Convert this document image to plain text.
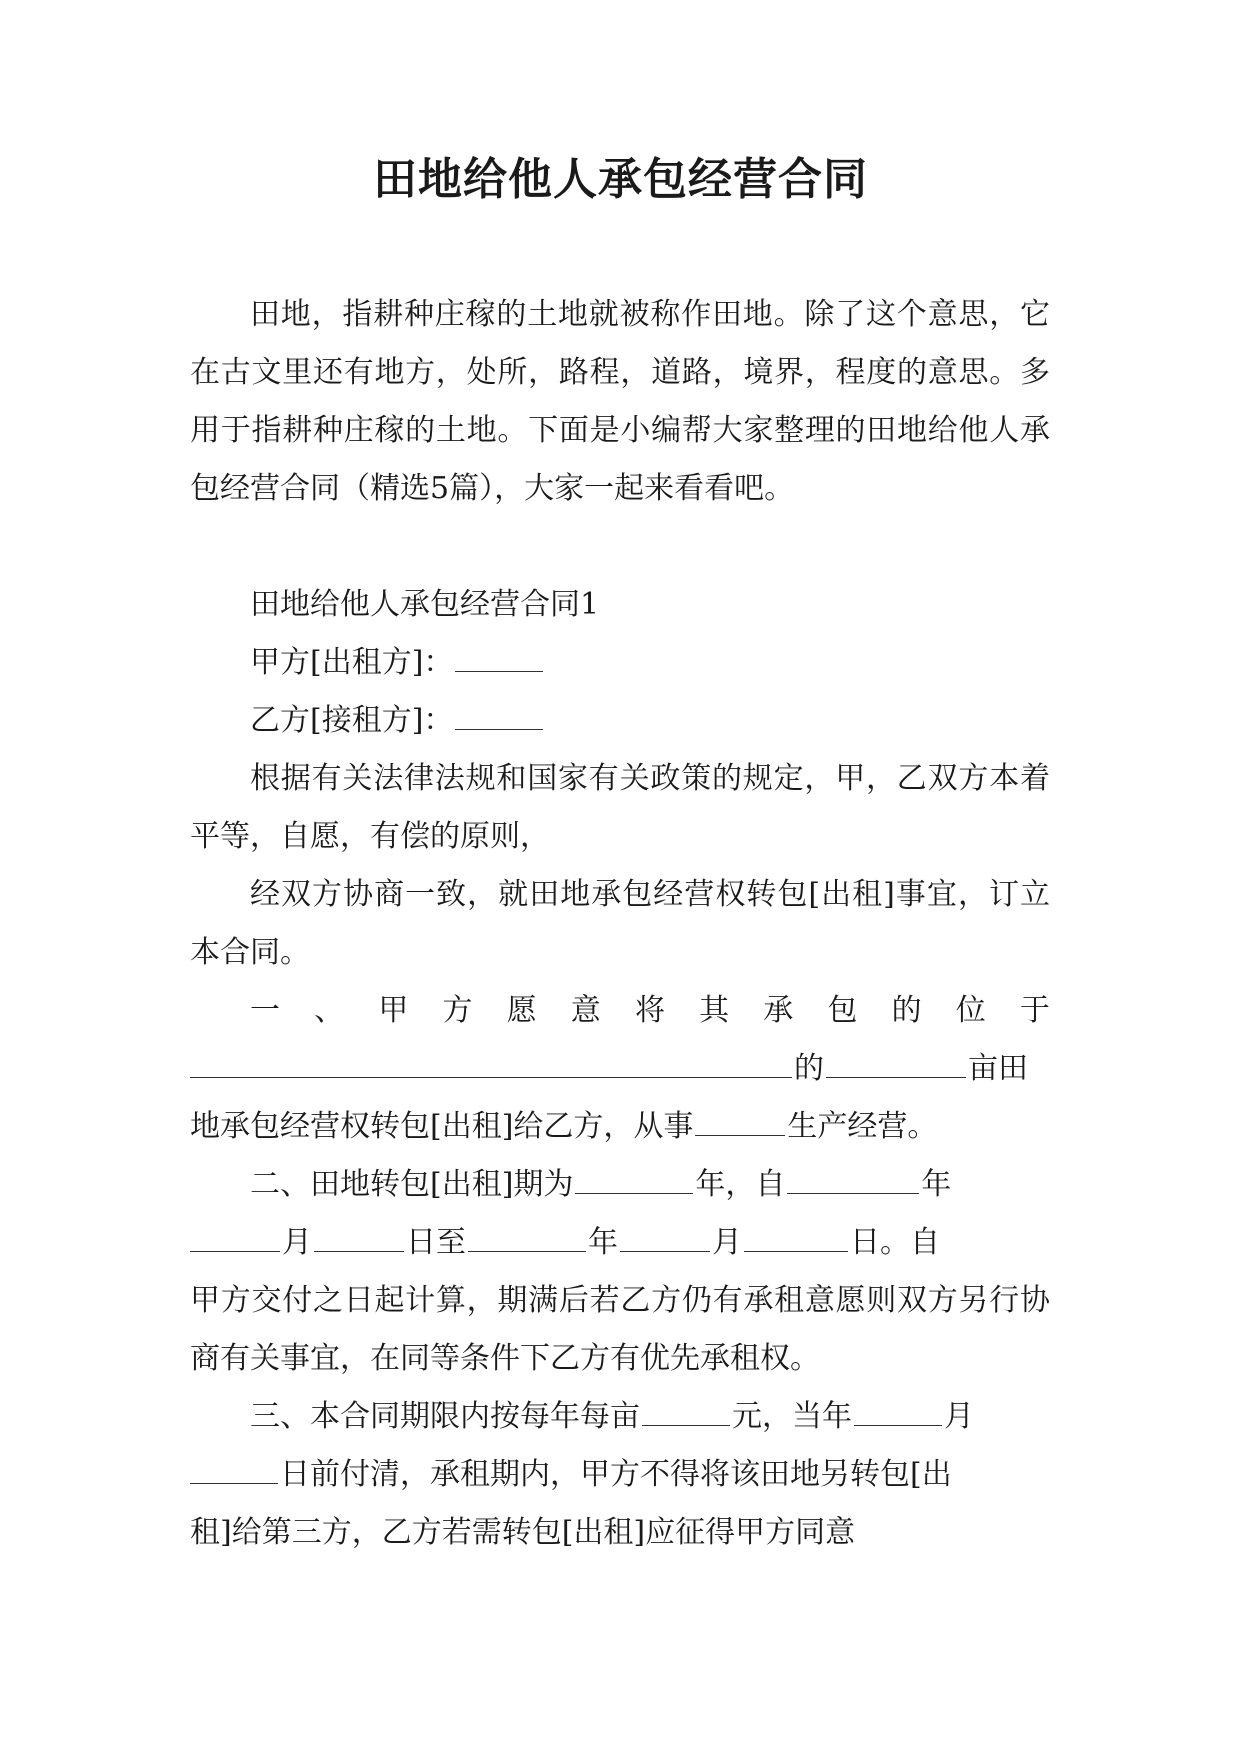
田地给他人承包经营合同

田地，指耕种庄稼的土地就被称作田地。除了这个意思，它在古文里还有地方，处所，路程，道路，境界，程度的意思。多用于指耕种庄稼的土地。下面是小编帮大家整理的田地给他人承包经营合同（精选5篇），大家一起来看看吧。

田地给他人承包经营合同1

甲方[出租方]：

乙方[接租方]：

根据有关法律法规和国家有关政策的规定，甲，乙双方本着平等，自愿，有偿的原则，

经双方协商一致，就田地承包经营权转包[出租]事宜，订立本合同。

一 、 甲 方 愿 意 将 其 承 包 的 位 于

的	亩田

地承包经营权转包[出租]给乙方，从事	生产经营。

二、田地转包[出租]期为	年，自	年

月	日至	年	月	日。自

甲方交付之日起计算，期满后若乙方仍有承租意愿则双方另行协商有关事宜，在同等条件下乙方有优先承租权。

三、本合同期限内按每年每亩	元，当年	月

日前付清，承租期内，甲方不得将该田地另转包[出

租]给第三方，乙方若需转包[出租]应征得甲方同意
